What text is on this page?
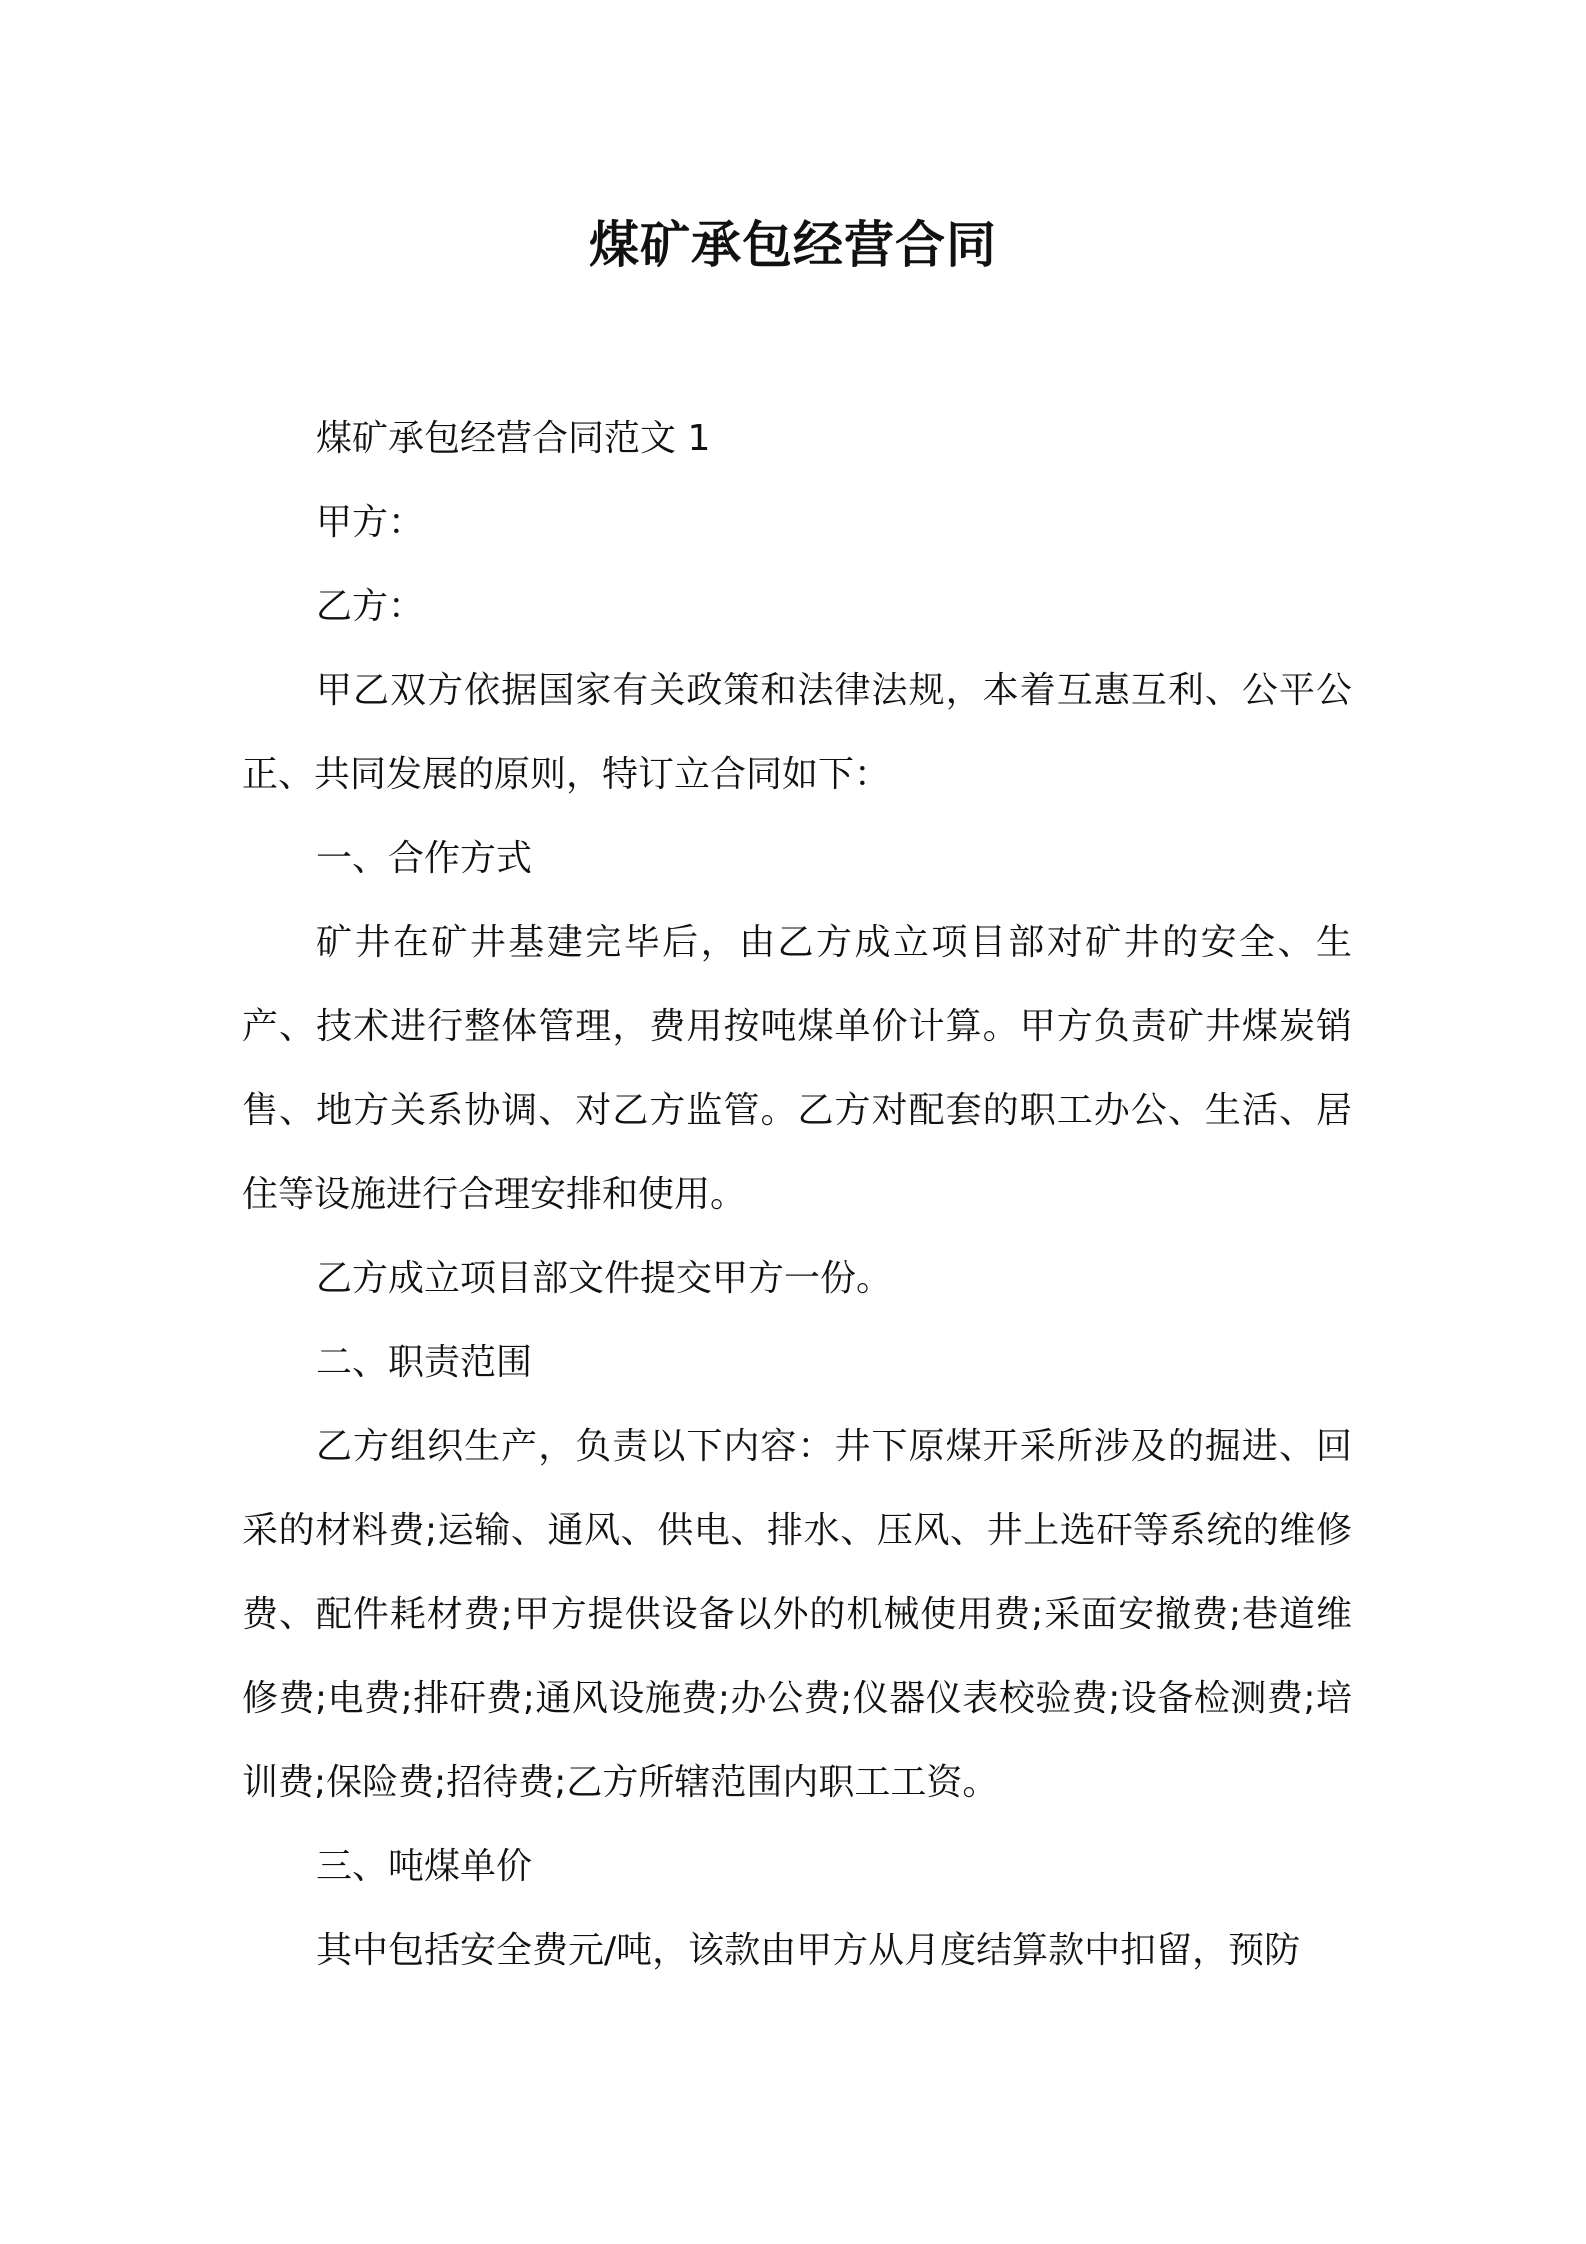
煤矿承包经营合同

煤矿承包经营合同范文 1

甲方：

乙方：

甲乙双方依据国家有关政策和法律法规，本着互惠互利、公平公正、共同发展的原则，特订立合同如下：

一、合作方式

矿井在矿井基建完毕后，由乙方成立项目部对矿井的安全、生产、技术进行整体管理，费用按吨煤单价计算。甲方负责矿井煤炭销售、地方关系协调、对乙方监管。乙方对配套的职工办公、生活、居住等设施进行合理安排和使用。

乙方成立项目部文件提交甲方一份。

二、职责范围

乙方组织生产，负责以下内容：井下原煤开采所涉及的掘进、回采的材料费;运输、通风、供电、排水、压风、井上选矸等系统的维修费、配件耗材费;甲方提供设备以外的机械使用费;采面安撤费;巷道维修费;电费;排矸费;通风设施费;办公费;仪器仪表校验费;设备检测费;培训费;保险费;招待费;乙方所辖范围内职工工资。

三、吨煤单价

其中包括安全费元/吨，该款由甲方从月度结算款中扣留，预防
